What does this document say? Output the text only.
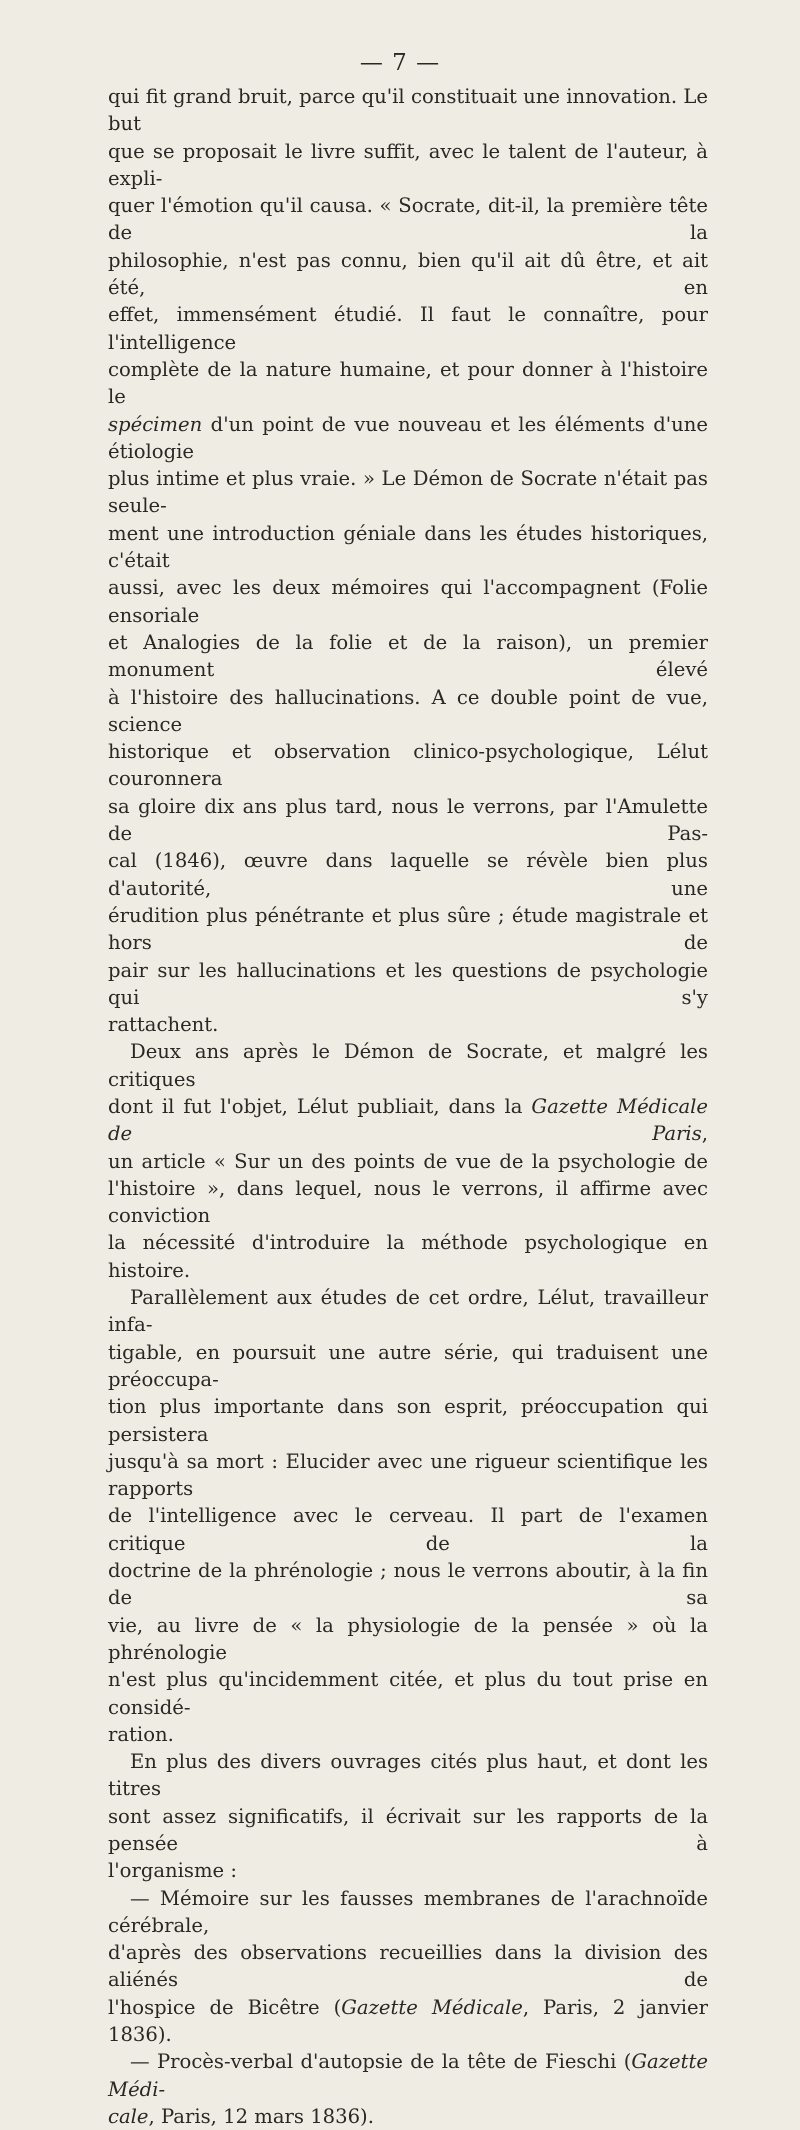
— 7 —

qui fit grand bruit, parce qu'il constituait une innovation. Le but
que se proposait le livre suffit, avec le talent de l'auteur, à expli-
quer l'émotion qu'il causa. « Socrate, dit-il, la première tête de la
philosophie, n'est pas connu, bien qu'il ait dû être, et ait été, en
effet, immensément étudié. Il faut le connaître, pour l'intelligence
complète de la nature humaine, et pour donner à l'histoire le
spécimen d'un point de vue nouveau et les éléments d'une étiologie
plus intime et plus vraie. » Le Démon de Socrate n'était pas seule-
ment une introduction géniale dans les études historiques, c'était
aussi, avec les deux mémoires qui l'accompagnent (Folie ensoriale
et Analogies de la folie et de la raison), un premier monument élevé
à l'histoire des hallucinations. A ce double point de vue, science
historique et observation clinico-psychologique, Lélut couronnera
sa gloire dix ans plus tard, nous le verrons, par l'Amulette de Pas-
cal (1846), œuvre dans laquelle se révèle bien plus d'autorité, une
érudition plus pénétrante et plus sûre ; étude magistrale et hors de
pair sur les hallucinations et les questions de psychologie qui s'y
rattachent.

Deux ans après le Démon de Socrate, et malgré les critiques
dont il fut l'objet, Lélut publiait, dans la Gazette Médicale de Paris,
un article « Sur un des points de vue de la psychologie de
l'histoire », dans lequel, nous le verrons, il affirme avec conviction
la nécessité d'introduire la méthode psychologique en histoire.

Parallèlement aux études de cet ordre, Lélut, travailleur infa-
tigable, en poursuit une autre série, qui traduisent une préoccupa-
tion plus importante dans son esprit, préoccupation qui persistera
jusqu'à sa mort : Elucider avec une rigueur scientifique les rapports
de l'intelligence avec le cerveau. Il part de l'examen critique de la
doctrine de la phrénologie ; nous le verrons aboutir, à la fin de sa
vie, au livre de « la physiologie de la pensée » où la phrénologie
n'est plus qu'incidemment citée, et plus du tout prise en considé-
ration.

En plus des divers ouvrages cités plus haut, et dont les titres
sont assez significatifs, il écrivait sur les rapports de la pensée à
l'organisme :

— Mémoire sur les fausses membranes de l'arachnoïde cérébrale,
d'après des observations recueillies dans la division des aliénés de
l'hospice de Bicêtre (Gazette Médicale, Paris, 2 janvier 1836).

— Procès-verbal d'autopsie de la tête de Fieschi (Gazette Médi-
cale, Paris, 12 mars 1836).
